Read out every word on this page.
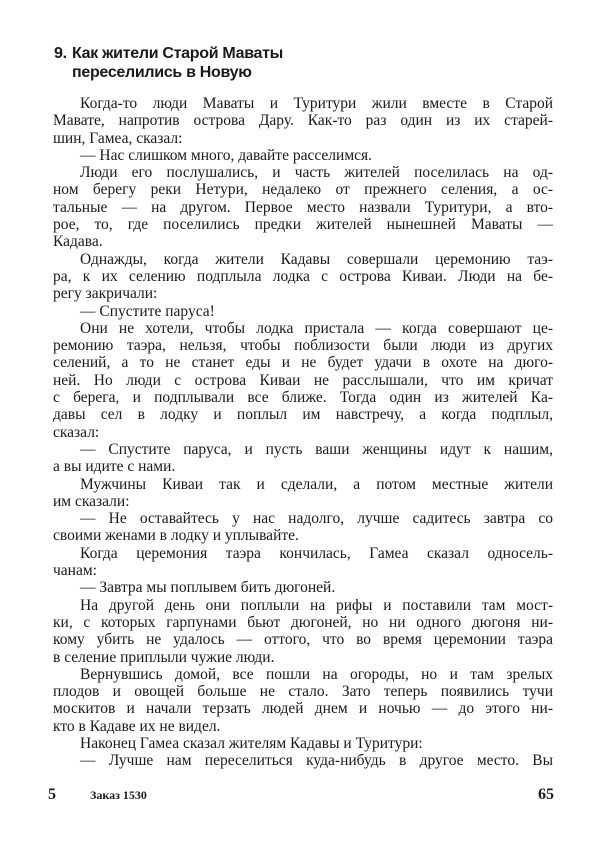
9. Как жители Старой Маваты
переселились в Новую
Когда-то люди Маваты и Туритури жили вместе в Старой
Мавате, напротив острова Дару. Как-то раз один из их старей-
шин, Гамеа, сказал:
— Нас слишком много, давайте расселимся.
Люди его послушались, и часть жителей поселилась на од-
ном берегу реки Нетури, недалеко от прежнего селения, а ос-
тальные — на другом. Первое место назвали Туритури, а вто-
рое, то, где поселились предки жителей нынешней Маваты —
Кадава.
Однажды, когда жители Кадавы совершали церемонию таэ-
ра, к их селению подплыла лодка с острова Киваи. Люди на бе-
регу закричали:
— Спустите паруса!
Они не хотели, чтобы лодка пристала — когда совершают це-
ремонию таэра, нельзя, чтобы поблизости были люди из других
селений, а то не станет еды и не будет удачи в охоте на дюго-
ней. Но люди с острова Киваи не расслышали, что им кричат
с берега, и подплывали все ближе. Тогда один из жителей Ка-
давы сел в лодку и поплыл им навстречу, а когда подплыл,
сказал:
— Спустите паруса, и пусть ваши женщины идут к нашим,
а вы идите с нами.
Мужчины Киваи так и сделали, а потом местные жители
им сказали:
— Не оставайтесь у нас надолго, лучше садитесь завтра со
своими женами в лодку и уплывайте.
Когда церемония таэра кончилась, Гамеа сказал односель-
чанам:
— Завтра мы поплывем бить дюгоней.
На другой день они поплыли на рифы и поставили там мост-
ки, с которых гарпунами бьют дюгоней, но ни одного дюгоня ни-
кому убить не удалось — оттого, что во время церемонии таэра
в селение приплыли чужие люди.
Вернувшись домой, все пошли на огороды, но и там зрелых
плодов и овощей больше не стало. Зато теперь появились тучи
москитов и начали терзать людей днем и ночью — до этого ни-
кто в Кадаве их не видел.
Наконец Гамеа сказал жителям Кадавы и Туритури:
— Лучше нам переселиться куда-нибудь в другое место. Вы
5	Заказ 1530	65
